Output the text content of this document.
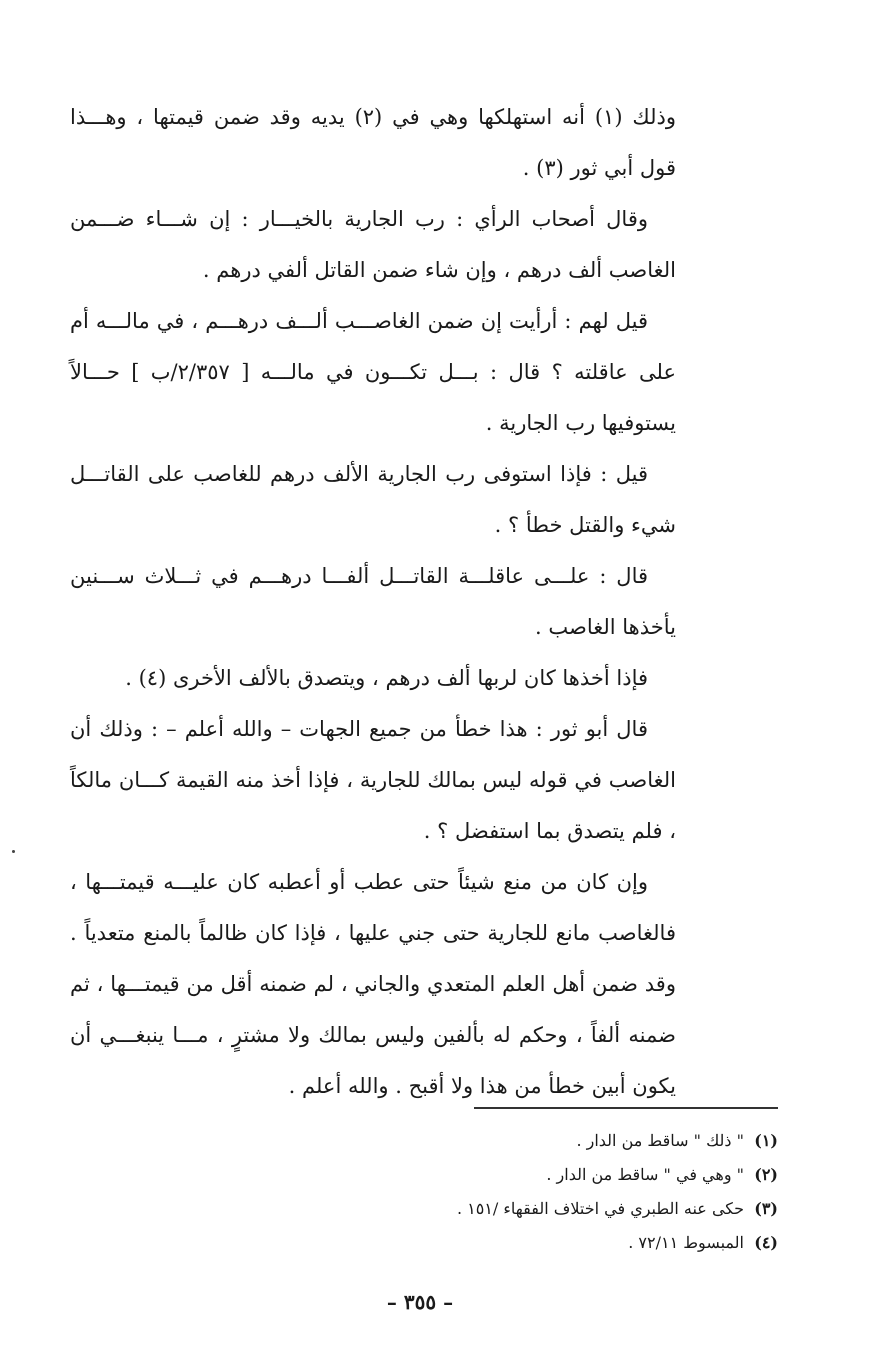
وذلك (١) أنه استهلكها وهي في (٢) يديه وقد ضمن قيمتها ، وهـــذا قول أبي ثور (٣) .

وقال أصحاب الرأي : رب الجارية بالخيـــار : إن شـــاء ضـــمن الغاصب ألف درهم ، وإن شاء ضمن القاتل ألفي درهم .

قيل لهم : أرأيت إن ضمن الغاصـــب ألـــف درهـــم ، في مالـــه أم على عاقلته ؟ قال : بـــل تكـــون في مالـــه [ ٢/٣٥٧/ب ] حـــالاً يستوفيها رب الجارية .

قيل : فإذا استوفى رب الجارية الألف درهم للغاصب على القاتـــل شيء والقتل خطأ ؟ .

قال : علـــى عاقلـــة القاتـــل ألفـــا درهـــم في ثـــلاث ســـنين يأخذها الغاصب .

فإذا أخذها كان لربها ألف درهم ، ويتصدق بالألف الأخرى (٤) .

قال أبو ثور : هذا خطأ من جميع الجهات – والله أعلم – : وذلك أن الغاصب في قوله ليس بمالك للجارية ، فإذا أخذ منه القيمة كـــان مالكاً ، فلم يتصدق بما استفضل ؟ .

وإن كان من منع شيئاً حتى عطب أو أعطبه كان عليـــه قيمتـــها ، فالغاصب مانع للجارية حتى جني عليها ، فإذا كان ظالماً بالمنع متعدياً . وقد ضمن أهل العلم المتعدي والجاني ، لم ضمنه أقل من قيمتـــها ، ثم ضمنه ألفاً ، وحكم له بألفين وليس بمالك ولا مشترٍ ، مـــا ينبغـــي أن يكون أبين خطأ من هذا ولا أقبح . والله أعلم .

(١)
" ذلك " ساقط من الدار .
(٢)
" وهي في " ساقط من الدار .
(٣)
حكى عنه الطبري في اختلاف الفقهاء /١٥١ .
(٤)
المبسوط ٧٢/١١ .
– ٣٥٥ –
